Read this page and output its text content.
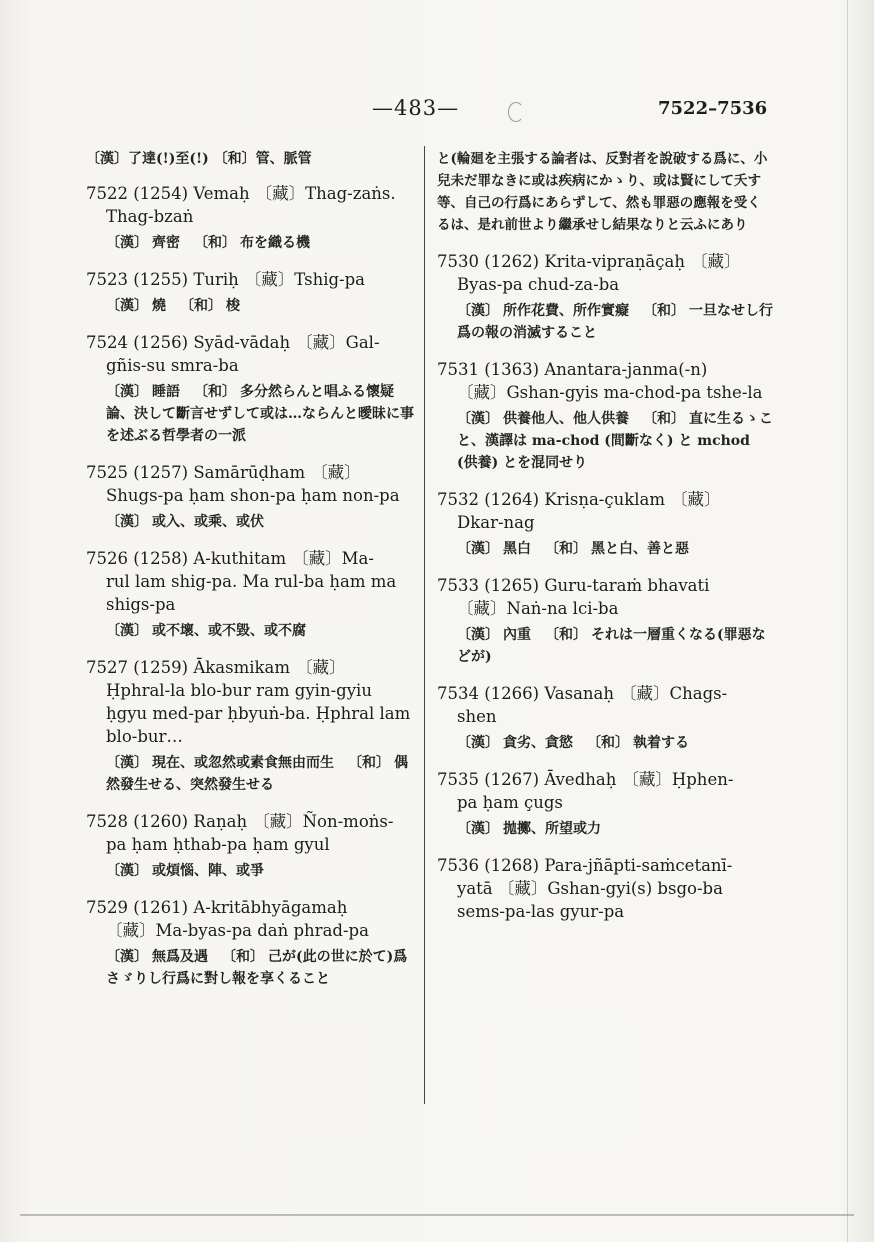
—483—	7522–7536
〔漢〕了達(!)至(!) 〔和〕管、脈管
7522 (1254) Vemaḥ 〔藏〕Thag-zaṅs.
Thag-bzaṅ
〔漢〕 齊密 〔和〕 布を織る機
7523 (1255) Turiḥ 〔藏〕Tshig-pa
〔漢〕 燒 〔和〕 梭
7524 (1256) Syād-vādaḥ 〔藏〕Gal-
gñis-su smra-ba
〔漢〕 睡語 〔和〕 多分然らんと唱ふる懷疑論、決して斷言せずして或は…ならんと曖昧に事を述ぶる哲學者の一派
7525 (1257) Samārūḍham 〔藏〕
Shugs-pa ḥam shon-pa ḥam non-pa
〔漢〕 或入、或乘、或伏
7526 (1258) A-kuthitam 〔藏〕Ma-
rul lam shig-pa. Ma rul-ba ḥam ma shigs-pa
〔漢〕 或不壞、或不毀、或不腐
7527 (1259) Ākasmikam 〔藏〕
Ḥphral-la blo-bur ram gyin-gyiu ḥgyu med-par ḥbyuṅ-ba. Ḥphral lam blo-bur…
〔漢〕 現在、或忽然或素食無由而生 〔和〕 偶然發生せる、突然發生せる
7528 (1260) Raṇaḥ 〔藏〕Ñon-moṅs-
pa ḥam ḥthab-pa ḥam gyul
〔漢〕 或煩惱、陣、或爭
7529 (1261) A-kritābhyāgamaḥ
〔藏〕Ma-byas-pa daṅ phrad-pa
〔漢〕 無爲及遇 〔和〕 己が(此の世に於て)爲さゞりし行爲に對し報を享くること
と(輪廻を主張する論者は、反對者を說破する爲に、小兒未だ罪なきに或は疾病にかゝり、或は賢にして夭す等、自己の行爲にあらずして、然も罪惡の應報を受くるは、是れ前世より繼承せし結果なりと云ふにあり
7530 (1262) Krita-vipraṇāçaḥ 〔藏〕
Byas-pa chud-za-ba
〔漢〕 所作花費、所作實癡 〔和〕 一旦なせし行爲の報の消滅すること
7531 (1363) Anantara-janma(-n)
〔藏〕Gshan-gyis ma-chod-pa tshe-la
〔漢〕 供養他人、他人供養 〔和〕 直に生るゝこと、漢譯は ma-chod (間斷なく) と mchod (供養) とを混同せり
7532 (1264) Krisṇa-çuklam 〔藏〕
Dkar-nag
〔漢〕 黑白 〔和〕 黑と白、善と惡
7533 (1265) Guru-taraṁ bhavati
〔藏〕Naṅ-na lci-ba
〔漢〕 內重 〔和〕 それは一層重くなる(罪惡などが)
7534 (1266) Vasanaḥ 〔藏〕Chags-
shen
〔漢〕 貪劣、貪慾 〔和〕 執着する
7535 (1267) Āvedhaḥ 〔藏〕Ḥphen-
pa ḥam çugs
〔漢〕 拋擲、所望或力
7536 (1268) Para-jñāpti-saṁcetanī-
yatā 〔藏〕Gshan-gyi(s) bsgo-ba sems-pa-las gyur-pa
